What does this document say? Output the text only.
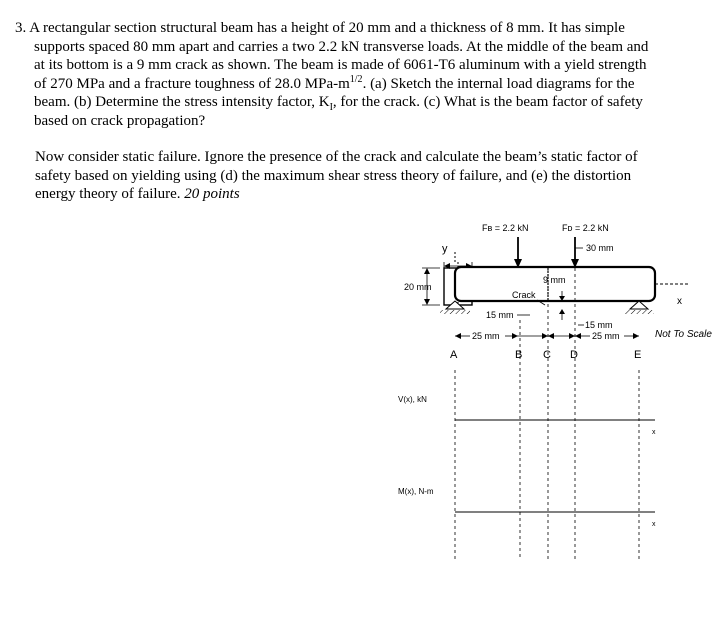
3. A rectangular section structural beam has a height of 20 mm and a thickness of 8 mm. It has simple
supports spaced 80 mm apart and carries a two 2.2 kN transverse loads. At the middle of the beam and
at its bottom is a 9 mm crack as shown. The beam is made of 6061-T6 aluminum with a yield strength
of 270 MPa and a fracture toughness of 28.0 MPa-$m^{1/2}$. (a) Sketch the internal load diagrams for the
beam. (b) Determine the stress intensity factor, $K_I$, for the crack. (c) What is the beam factor of safety
based on crack propagation?
Now consider static failure. Ignore the presence of the crack and calculate the beam’s static factor of
safety based on yielding using (d) the maximum shear stress theory of failure, and (e) the distortion
energy theory of failure. 20 points
y
20 mm
x
Fʙ = 2.2 kN	Fᴅ = 2.2 kN
30 mm
9 mm
Crack
15 mm
15 mm
25 mm	25 mm	Not To Scale
A	B C D	E
V(x), kN
x
M(x), N-m
x
